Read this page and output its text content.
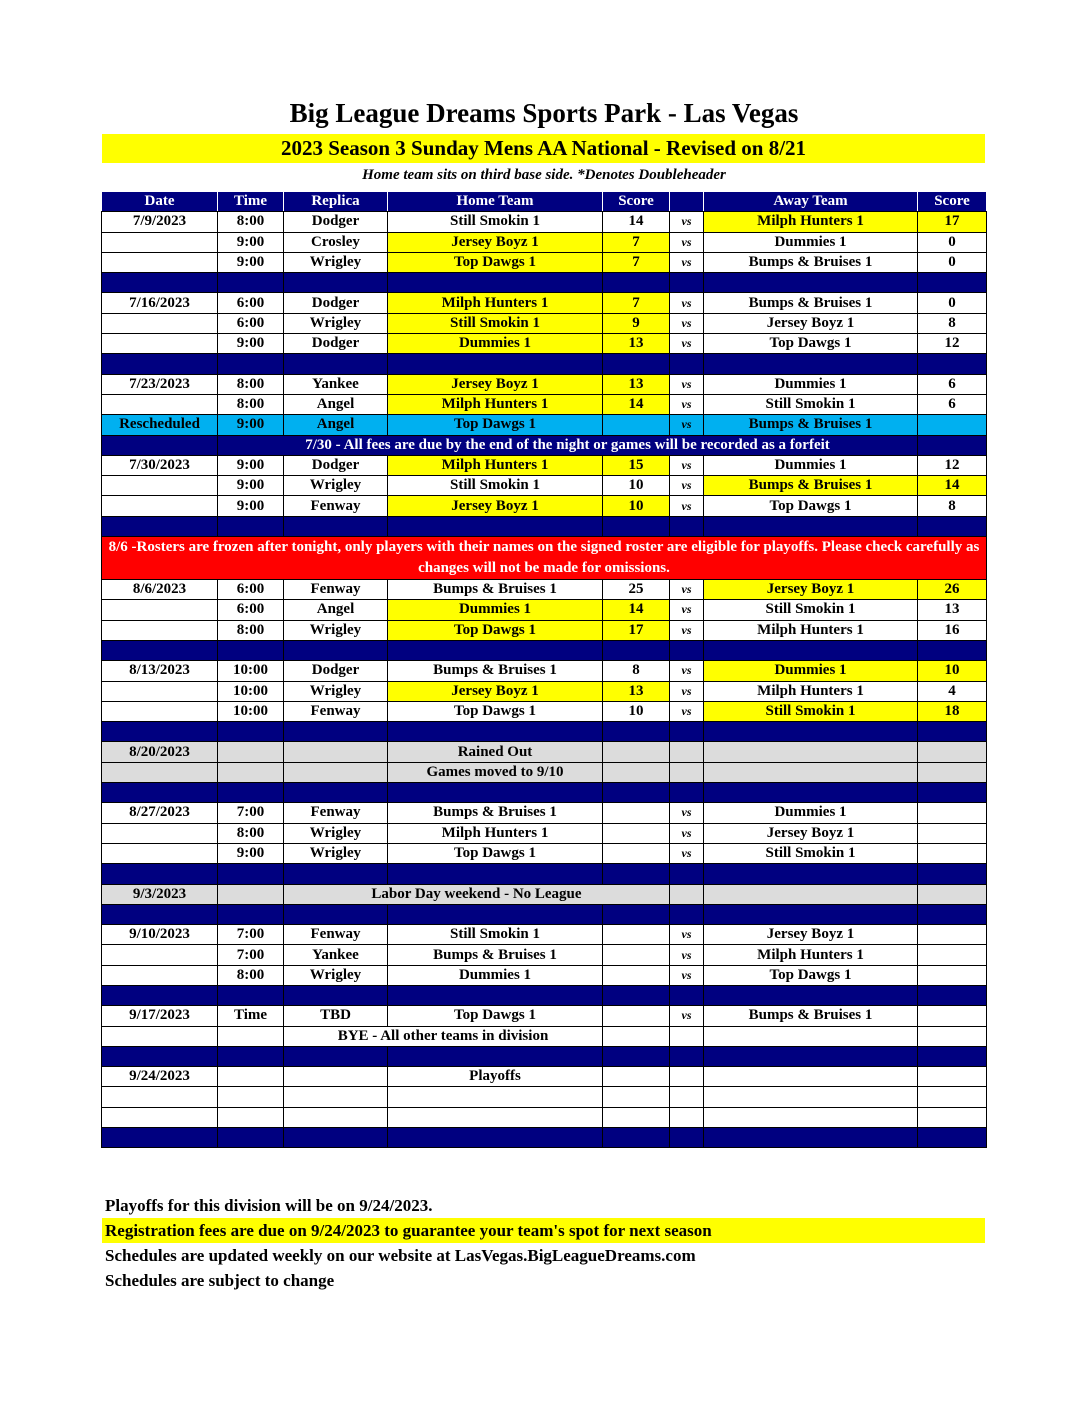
Big League Dreams Sports Park - Las Vegas
2023 Season 3 Sunday Mens AA National - Revised on 8/21
Home team sits on third base side. *Denotes Doubleheader
Date	Time	Replica	Home Team	Score		Away Team	Score
7/9/2023	8:00	Dodger	Still Smokin 1	14	vs	Milph Hunters 1	17
	9:00	Crosley	Jersey Boyz 1	7	vs	Dummies 1	0
	9:00	Wrigley	Top Dawgs 1	7	vs	Bumps & Bruises 1	0

7/16/2023	6:00	Dodger	Milph Hunters 1	7	vs	Bumps & Bruises 1	0
	6:00	Wrigley	Still Smokin 1	9	vs	Jersey Boyz 1	8
	9:00	Dodger	Dummies 1	13	vs	Top Dawgs 1	12

7/23/2023	8:00	Yankee	Jersey Boyz 1	13	vs	Dummies 1	6
	8:00	Angel	Milph Hunters 1	14	vs	Still Smokin 1	6
Rescheduled	9:00	Angel	Top Dawgs 1		vs	Bumps & Bruises 1	
	7/30 - All fees are due by the end of the night or games will be recorded as a forfeit						
7/30/2023	9:00	Dodger	Milph Hunters 1	15	vs	Dummies 1	12
	9:00	Wrigley	Still Smokin 1	10	vs	Bumps & Bruises 1	14
	9:00	Fenway	Jersey Boyz 1	10	vs	Top Dawgs 1	8

8/6 -Rosters are frozen after tonight, only players with their names on the signed roster are eligible for playoffs. Please check carefully as changes will not be made for omissions.							
8/6/2023	6:00	Fenway	Bumps & Bruises 1	25	vs	Jersey Boyz 1	26
	6:00	Angel	Dummies 1	14	vs	Still Smokin 1	13
	8:00	Wrigley	Top Dawgs 1	17	vs	Milph Hunters 1	16

8/13/2023	10:00	Dodger	Bumps & Bruises 1	8	vs	Dummies 1	10
	10:00	Wrigley	Jersey Boyz 1	13	vs	Milph Hunters 1	4
	10:00	Fenway	Top Dawgs 1	10	vs	Still Smokin 1	18

8/20/2023			Rained Out				
			Games moved to 9/10				

8/27/2023	7:00	Fenway	Bumps & Bruises 1		vs	Dummies 1	
	8:00	Wrigley	Milph Hunters 1		vs	Jersey Boyz 1	
	9:00	Wrigley	Top Dawgs 1		vs	Still Smokin 1	

9/3/2023		Labor Day weekend - No League					

9/10/2023	7:00	Fenway	Still Smokin 1		vs	Jersey Boyz 1	
	7:00	Yankee	Bumps & Bruises 1		vs	Milph Hunters 1	
	8:00	Wrigley	Dummies 1		vs	Top Dawgs 1	

9/17/2023	Time	TBD	Top Dawgs 1		vs	Bumps & Bruises 1	
		BYE - All other teams in division					

9/24/2023			Playoffs				

Playoffs for this division will be on 9/24/2023.
Registration fees are due on 9/24/2023 to guarantee your team's spot for next season
Schedules are updated weekly on our website at LasVegas.BigLeagueDreams.com
Schedules are subject to change
